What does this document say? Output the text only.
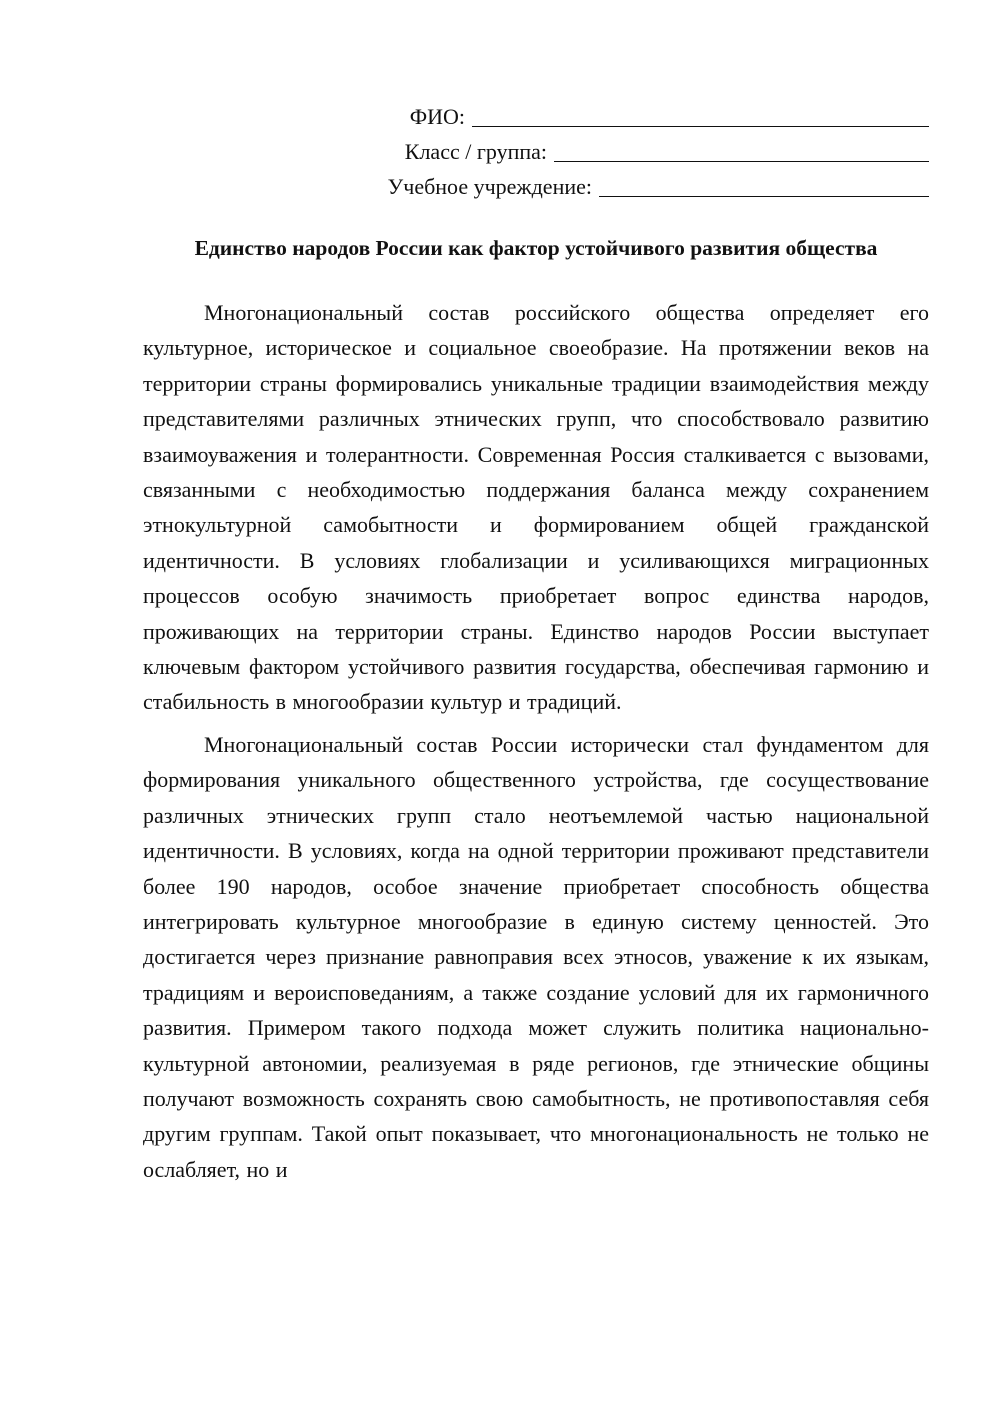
ФИО:
Класс / группа:
Учебное учреждение:
Единство народов России как фактор устойчивого развития общества

Многонациональный состав российского общества определяет его культурное, историческое и социальное своеобразие. На протяжении веков на территории страны формировались уникальные традиции взаимодействия между представителями различных этнических групп, что способствовало развитию взаимоуважения и толерантности. Современная Россия сталкивается с вызовами, связанными с необходимостью поддержания баланса между сохранением этнокультурной самобытности и формированием общей гражданской идентичности. В условиях глобализации и усиливающихся миграционных процессов особую значимость приобретает вопрос единства народов, проживающих на территории страны. Единство народов России выступает ключевым фактором устойчивого развития государства, обеспечивая гармонию и стабильность в многообразии культур и традиций.

Многонациональный состав России исторически стал фундаментом для формирования уникального общественного устройства, где сосуществование различных этнических групп стало неотъемлемой частью национальной идентичности. В условиях, когда на одной территории проживают представители более 190 народов, особое значение приобретает способность общества интегрировать культурное многообразие в единую систему ценностей. Это достигается через признание равноправия всех этносов, уважение к их языкам, традициям и вероисповеданиям, а также создание условий для их гармоничного развития. Примером такого подхода может служить политика национально-культурной автономии, реализуемая в ряде регионов, где этнические общины получают возможность сохранять свою самобытность, не противопоставляя себя другим группам. Такой опыт показывает, что многонациональность не только не ослабляет, но и
